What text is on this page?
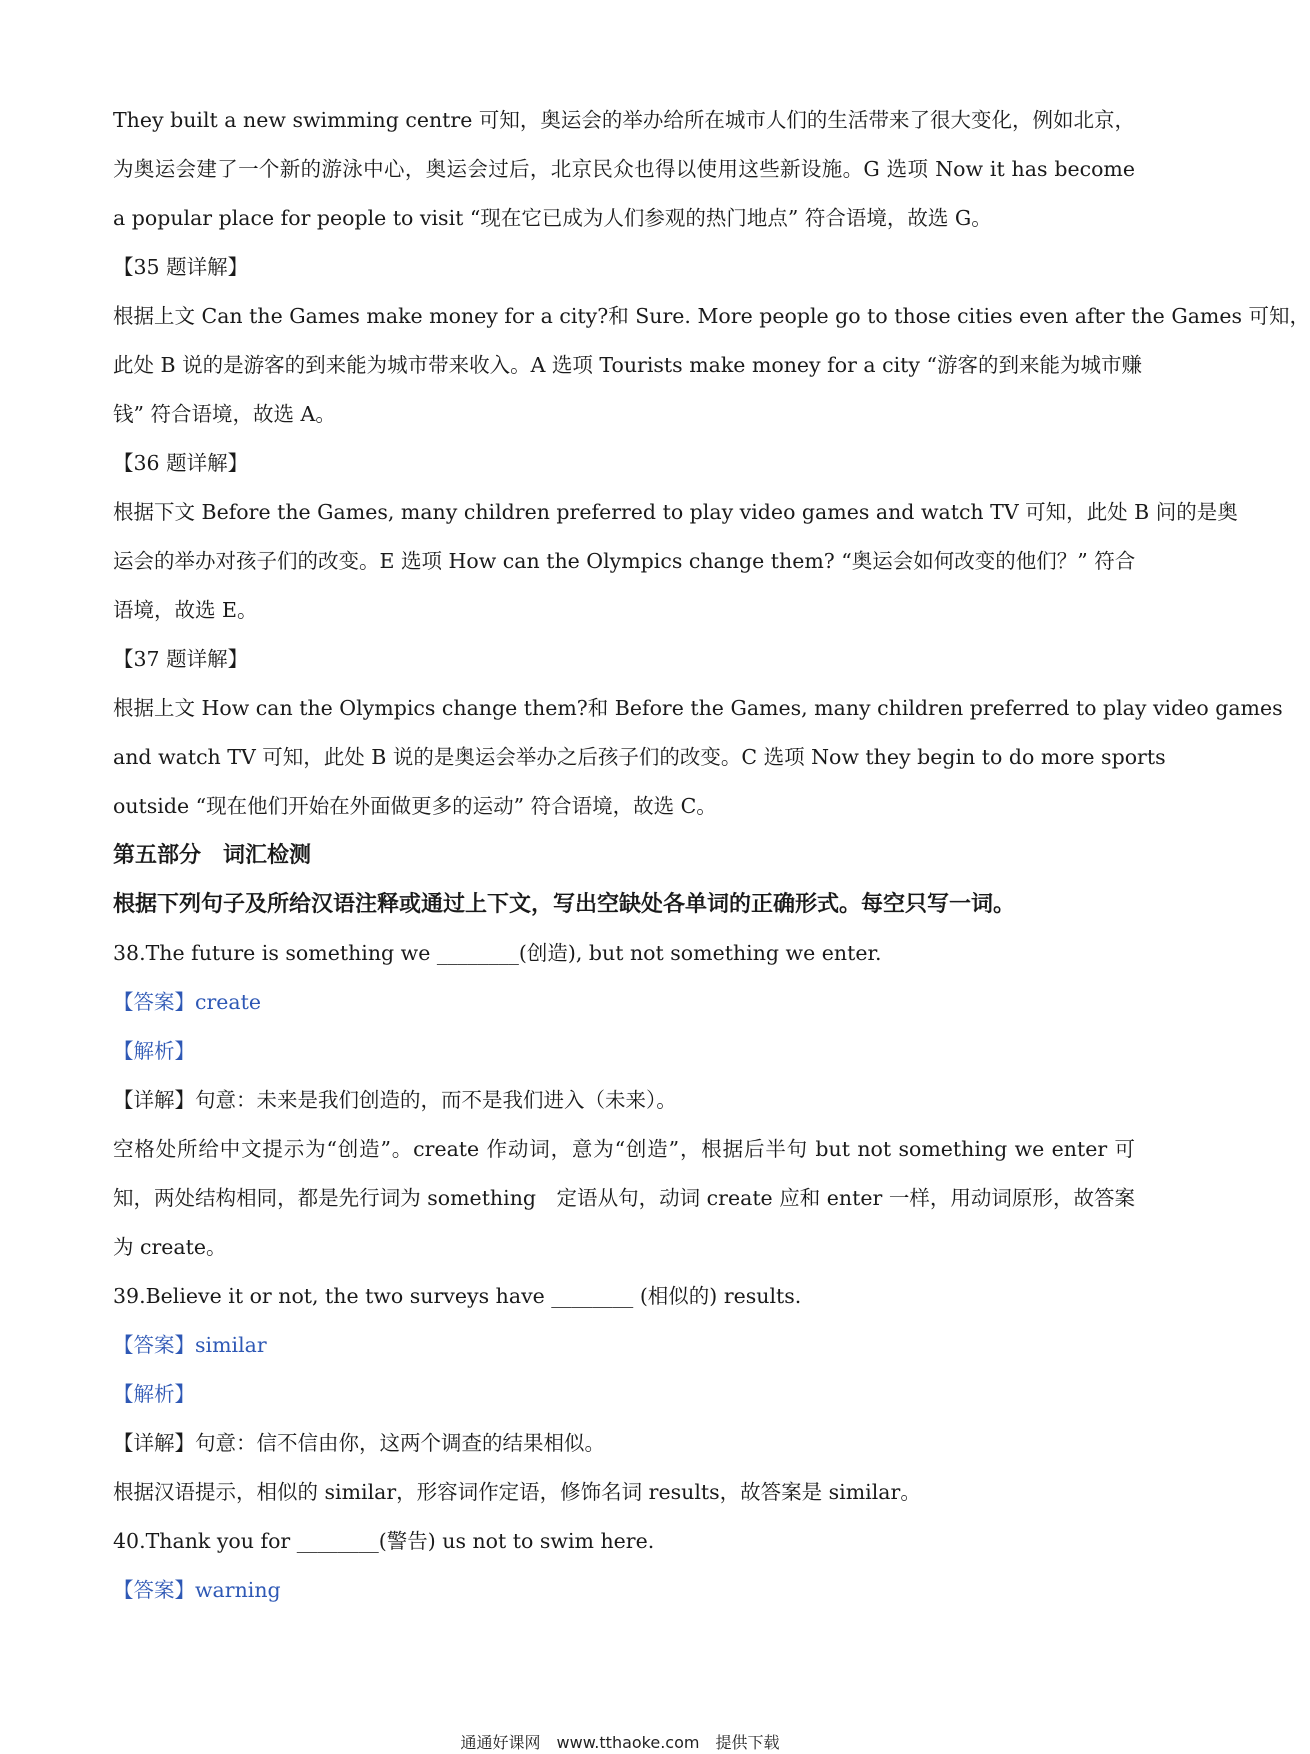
They built a new swimming centre 可知，奥运会的举办给所在城市人们的生活带来了很大变化，例如北京，
为奥运会建了一个新的游泳中心，奥运会过后，北京民众也得以使用这些新设施。G 选项 Now it has become
a popular place for people to visit “现在它已成为人们参观的热门地点” 符合语境，故选 G。
【35 题详解】
根据上文 Can the Games make money for a city?和 Sure. More people go to those cities even after the Games 可知，
此处 B 说的是游客的到来能为城市带来收入。A 选项 Tourists make money for a city “游客的到来能为城市赚
钱” 符合语境，故选 A。
【36 题详解】
根据下文 Before the Games, many children preferred to play video games and watch TV 可知，此处 B 问的是奥
运会的举办对孩子们的改变。E 选项 How can the Olympics change them? “奥运会如何改变的他们？” 符合
语境，故选 E。
【37 题详解】
根据上文 How can the Olympics change them?和 Before the Games, many children preferred to play video games
and watch TV 可知，此处 B 说的是奥运会举办之后孩子们的改变。C 选项 Now they begin to do more sports
outside “现在他们开始在外面做更多的运动” 符合语境，故选 C。
第五部分　词汇检测
根据下列句子及所给汉语注释或通过上下文，写出空缺处各单词的正确形式。每空只写一词。
38.The future is something we ________(创造), but not something we enter.
【答案】create
【解析】
【详解】句意：未来是我们创造的，而不是我们进入（未来）。
空格处所给中文提示为“创造”。create 作动词，意为“创造”，根据后半句 but not something we enter 可
知，两处结构相同，都是先行词为 something　定语从句，动词 create 应和 enter 一样，用动词原形，故答案
为 create。
39.Believe it or not, the two surveys have ________ (相似的) results.
【答案】similar
【解析】
【详解】句意：信不信由你，这两个调查的结果相似。
根据汉语提示，相似的 similar，形容词作定语，修饰名词 results，故答案是 similar。
40.Thank you for ________(警告) us not to swim here.
【答案】warning
通通好课网　www.tthaoke.com　提供下载
